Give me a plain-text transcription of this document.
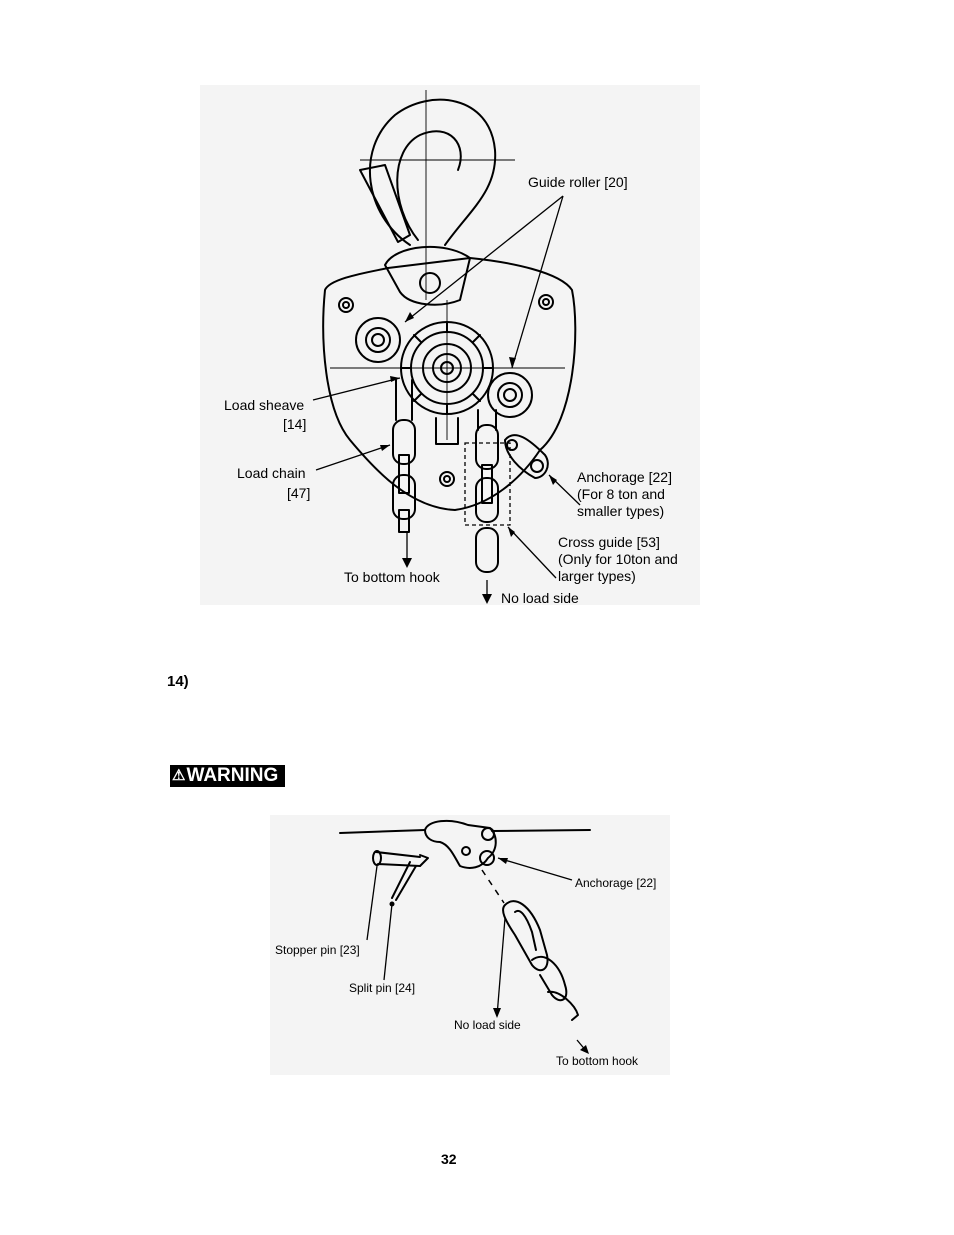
Guide roller [20]
Load sheave
[14]
Load chain
[47]
Anchorage [22]
(For 8 ton and
smaller types)
Cross guide [53]
(Only for 10ton and
larger types)
To bottom hook
No load side
14)
⚠ WARNING
Anchorage [22]
Stopper pin [23]
Split pin [24]
No load side
To bottom hook
32
